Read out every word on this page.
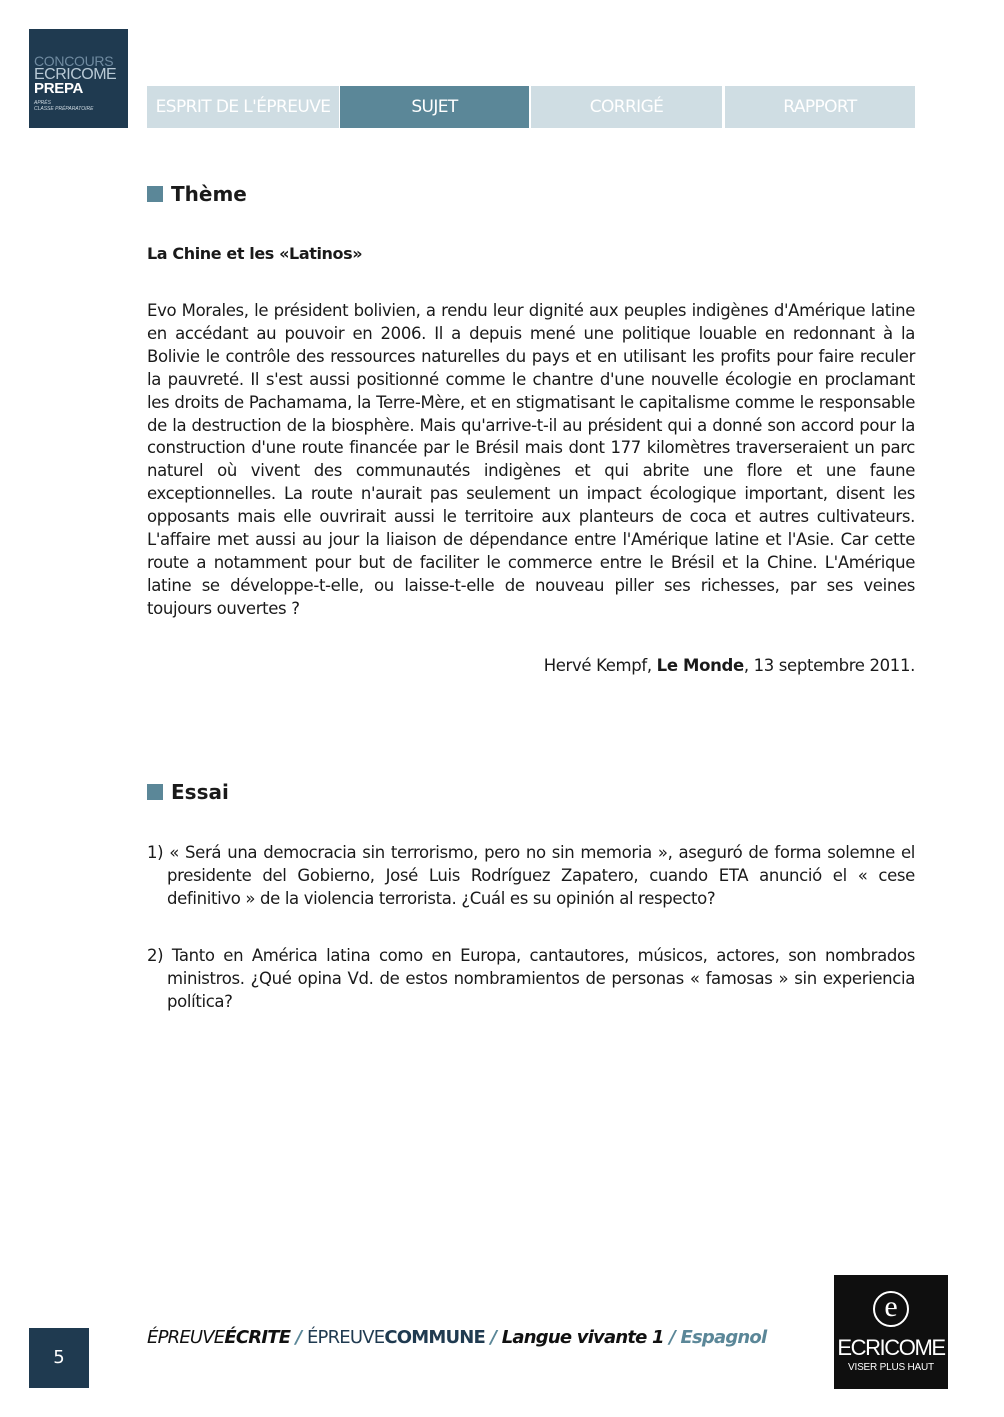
CONCOURS
ECRICOME
PREPA
APRÈS
CLASSE PRÉPARATOIRE	ESPRIT DE L'ÉPREUVE	SUJET	CORRIGÉ	RAPPORT
Thème
La Chine et les «Latinos»
Evo Morales, le président bolivien, a rendu leur dignité aux peuples indigènes d'Amérique latine en accédant au pouvoir en 2006. Il a depuis mené une politique louable en redonnant à la Bolivie le contrôle des ressources naturelles du pays et en utilisant les profits pour faire reculer la pauvreté. Il s'est aussi positionné comme le chantre d'une nouvelle écologie en proclamant les droits de Pachamama, la Terre-Mère, et en stigmatisant le capitalisme comme le responsable de la destruction de la biosphère. Mais qu'arrive-t-il au président qui a donné son accord pour la construction d'une route financée par le Brésil mais dont 177 kilomètres traverseraient un parc naturel où vivent des communautés indigènes et qui abrite une flore et une faune exceptionnelles. La route n'aurait pas seulement un impact écologique important, disent les opposants mais elle ouvrirait aussi le territoire aux planteurs de coca et autres cultivateurs. L'affaire met aussi au jour la liaison de dépendance entre l'Amérique latine et l'Asie. Car cette route a notamment pour but de faciliter le commerce entre le Brésil et la Chine. L'Amérique latine se développe-t-elle, ou laisse-t-elle de nouveau piller ses richesses, par ses veines toujours ouvertes ?
Hervé Kempf, Le Monde, 13 septembre 2011.
Essai
1) « Será una democracia sin terrorismo, pero no sin memoria », aseguró de forma solemne el presidente del Gobierno, José Luis Rodríguez Zapatero, cuando ETA anunció el « cese definitivo » de la violencia terrorista. ¿Cuál es su opinión al respecto?
2) Tanto en América latina como en Europa, cantautores, músicos, actores, son nombrados ministros. ¿Qué opina Vd. de estos nombramientos de personas « famosas » sin experiencia política?
5
ÉPREUVEÉCRITE / ÉPREUVECOMMUNE / Langue vivante 1 / Espagnol
e
ECRICOME
VISER PLUS HAUT
